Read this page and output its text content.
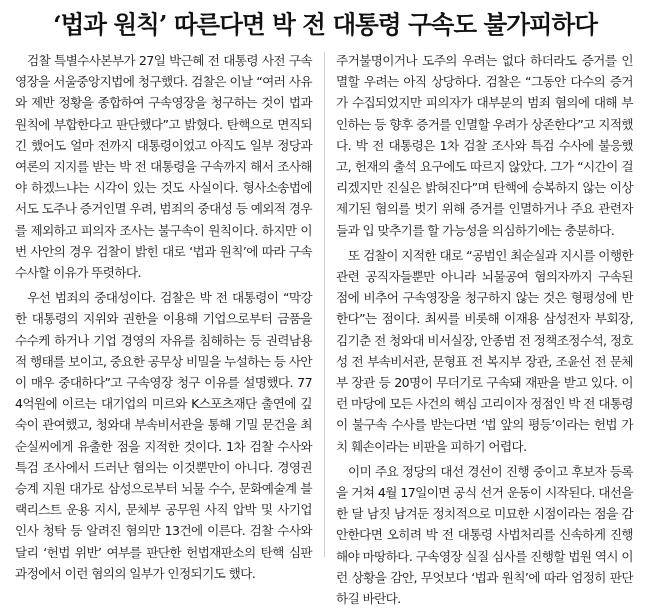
‘법과 원칙’ 따른다면 박 전 대통령 구속도 불가피하다

검찰 특별수사본부가 27일 박근혜 전 대통령 사전 구속영장을 서울중앙지법에 청구했다. 검찰은 이날 “여러 사유와 제반 정황을 종합하여 구속영장을 청구하는 것이 법과 원칙에 부합한다고 판단했다”고 밝혔다. 탄핵으로 면직되긴 했어도 얼마 전까지 대통령이었고 아직도 일부 정당과 여론의 지지를 받는 박 전 대통령을 구속까지 해서 조사해야 하겠느냐는 시각이 있는 것도 사실이다. 형사소송법에서도 도주나 증거인멸 우려, 범죄의 중대성 등 예외적 경우를 제외하고 피의자 조사는 불구속이 원칙이다. 하지만 이번 사안의 경우 검찰이 밝힌 대로 ‘법과 원칙’에 따라 구속 수사할 이유가 뚜렷하다.

우선 범죄의 중대성이다. 검찰은 박 전 대통령이 “막강한 대통령의 지위와 권한을 이용해 기업으로부터 금품을 수수케 하거나 기업 경영의 자유를 침해하는 등 권력남용적 행태를 보이고, 중요한 공무상 비밀을 누설하는 등 사안이 매우 중대하다”고 구속영장 청구 이유를 설명했다. 774억원에 이르는 대기업의 미르와 K스포츠재단 출연에 깊숙이 관여했고, 청와대 부속비서관을 통해 기밀 문건을 최순실씨에게 유출한 점을 지적한 것이다. 1차 검찰 수사와 특검 조사에서 드러난 혐의는 이것뿐만이 아니다. 경영권 승계 지원 대가로 삼성으로부터 뇌물 수수, 문화예술계 블랙리스트 운용 지시, 문체부 공무원 사직 압박 및 사기업 인사 청탁 등 알려진 혐의만 13건에 이른다. 검찰 수사와 달리 ‘헌법 위반’ 여부를 판단한 헌법재판소의 탄핵 심판 과정에서 이런 혐의의 일부가 인정되기도 했다.

주거불명이거나 도주의 우려는 없다 하더라도 증거를 인멸할 우려는 아직 상당하다. 검찰은 “그동안 다수의 증거가 수집되었지만 피의자가 대부분의 범죄 혐의에 대해 부인하는 등 향후 증거를 인멸할 우려가 상존한다”고 지적했다. 박 전 대통령은 1차 검찰 조사와 특검 수사에 불응했고, 헌재의 출석 요구에도 따르지 않았다. 그가 “시간이 걸리겠지만 진실은 밝혀진다”며 탄핵에 승복하지 않는 이상 제기된 혐의를 벗기 위해 증거를 인멸하거나 주요 관련자들과 입 맞추기를 할 가능성을 의심하기에는 충분하다.

또 검찰이 지적한 대로 “공범인 최순실과 지시를 이행한 관련 공직자들뿐만 아니라 뇌물공여 혐의자까지 구속된 점에 비추어 구속영장을 청구하지 않는 것은 형평성에 반한다”는 점이다. 최씨를 비롯해 이재용 삼성전자 부회장, 김기춘 전 청와대 비서실장, 안종범 전 정책조정수석, 정호성 전 부속비서관, 문형표 전 복지부 장관, 조윤선 전 문체부 장관 등 20명이 무더기로 구속돼 재판을 받고 있다. 이런 마당에 모든 사건의 핵심 고리이자 정점인 박 전 대통령이 불구속 수사를 받는다면 ‘법 앞의 평등’이라는 헌법 가치 훼손이라는 비판을 피하기 어렵다.

이미 주요 정당의 대선 경선이 진행 중이고 후보자 등록을 거쳐 4월 17일이면 공식 선거 운동이 시작된다. 대선을 한 달 남짓 남겨둔 정치적으로 미묘한 시점이라는 점을 감안한다면 오히려 박 전 대통령 사법처리를 신속하게 진행해야 마땅하다. 구속영장 실질 심사를 진행할 법원 역시 이런 상황을 감안, 무엇보다 ‘법과 원칙’에 따라 엄정히 판단하길 바란다.
